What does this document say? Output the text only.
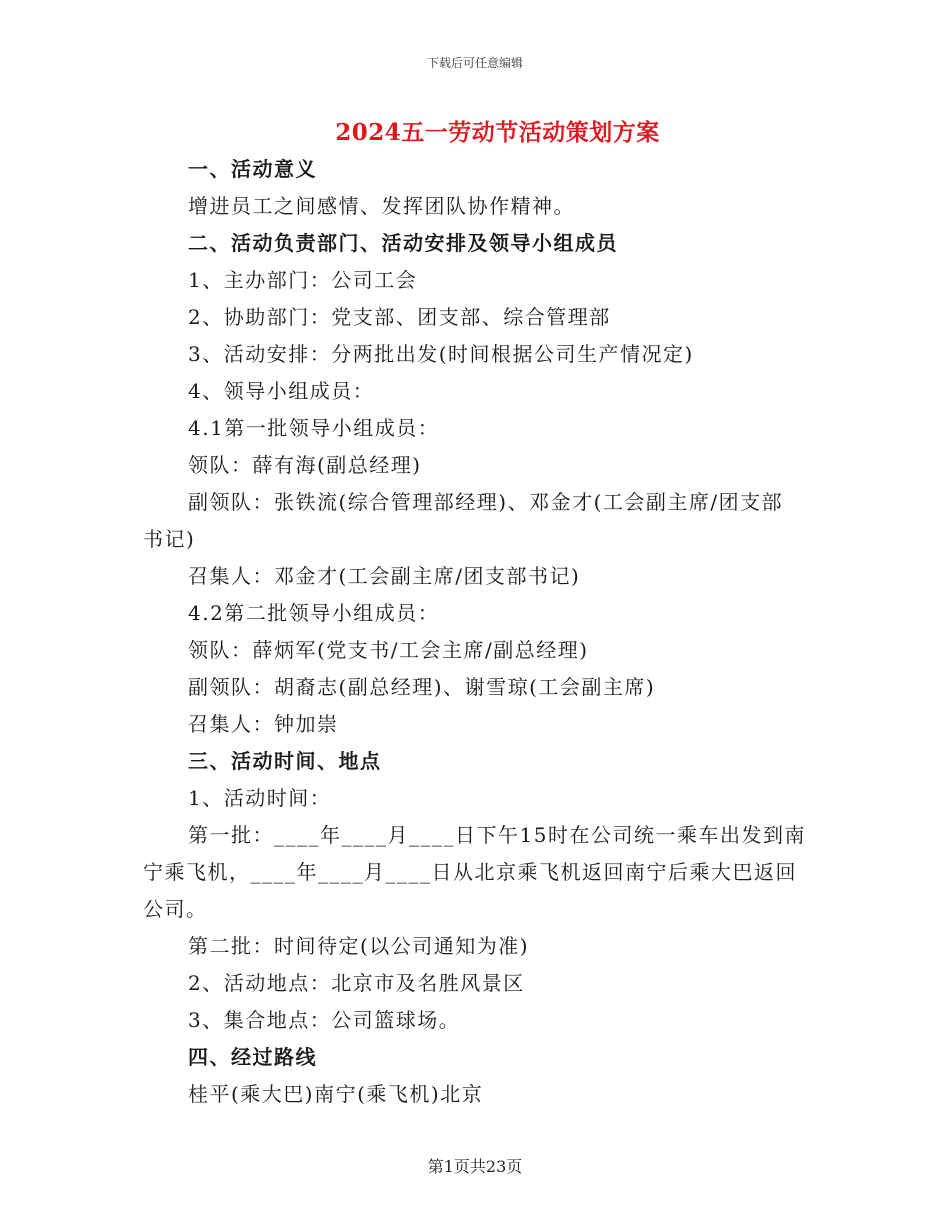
下载后可任意编辑
2024五一劳动节活动策划方案
一、活动意义
增进员工之间感情、发挥团队协作精神。
二、活动负责部门、活动安排及领导小组成员
1、主办部门：公司工会
2、协助部门：党支部、团支部、综合管理部
3、活动安排：分两批出发(时间根据公司生产情况定)
4、领导小组成员：
4.1第一批领导小组成员：
领队：薛有海(副总经理)
副领队：张铁流(综合管理部经理)、邓金才(工会副主席/团支部
书记)
召集人：邓金才(工会副主席/团支部书记)
4.2第二批领导小组成员：
领队：薛炳军(党支书/工会主席/副总经理)
副领队：胡裔志(副总经理)、谢雪琼(工会副主席)
召集人：钟加崇
三、活动时间、地点
1、活动时间：
第一批：____年____月____日下午15时在公司统一乘车出发到南
宁乘飞机，____年____月____日从北京乘飞机返回南宁后乘大巴返回
公司。
第二批：时间待定(以公司通知为准)
2、活动地点：北京市及名胜风景区
3、集合地点：公司篮球场。
四、经过路线
桂平(乘大巴)南宁(乘飞机)北京
第1页共23页
